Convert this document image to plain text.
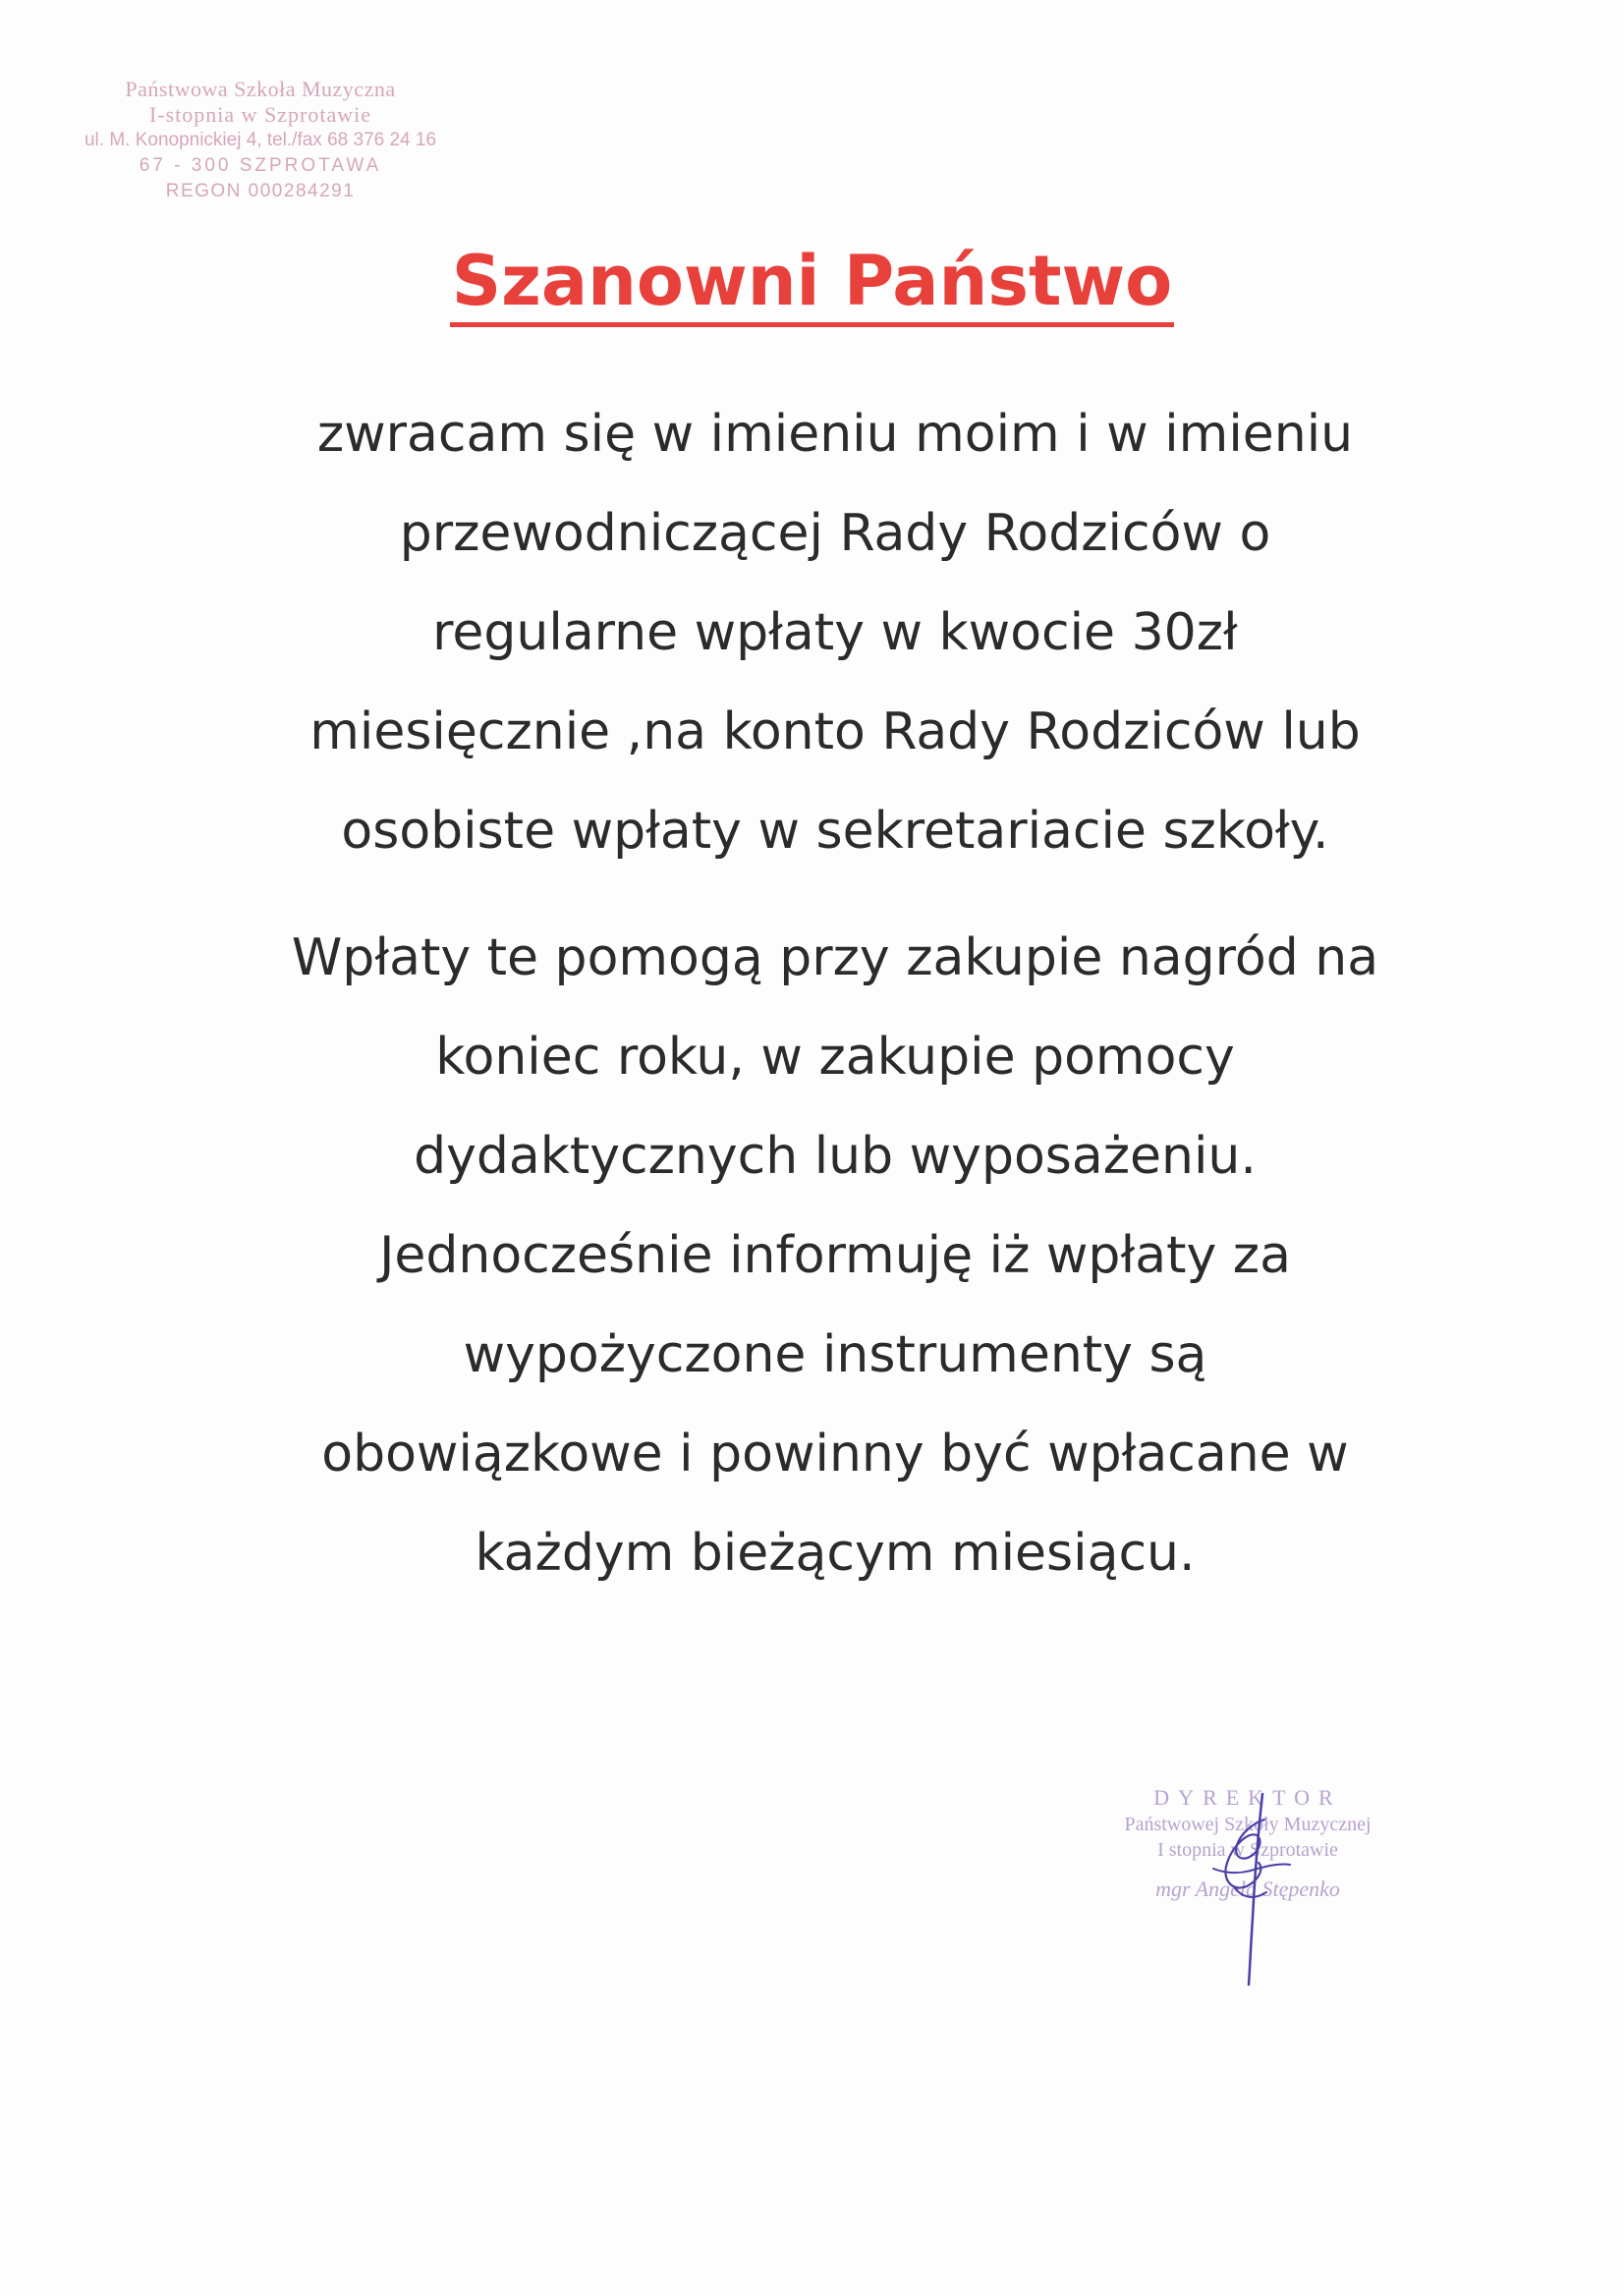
Państwowa Szkoła Muzyczna
I-stopnia w Szprotawie
ul. M. Konopnickiej 4, tel./fax 68 376 24 16
67 - 300 SZPROTAWA
REGON 000284291
Szanowni Państwo
zwracam się w imieniu moim i w imieniu
przewodniczącej Rady Rodziców o
regularne wpłaty w kwocie 30zł
miesięcznie ,na konto Rady Rodziców lub
osobiste wpłaty w sekretariacie szkoły.
Wpłaty te pomogą przy zakupie nagród na
koniec roku, w zakupie pomocy
dydaktycznych lub wyposażeniu.
Jednocześnie informuję iż wpłaty za
wypożyczone instrumenty są
obowiązkowe i powinny być wpłacane w
każdym bieżącym miesiącu.
DYREKTOR
Państwowej Szkoły Muzycznej
I stopnia w Szprotawie
mgr Angela Stępenko
